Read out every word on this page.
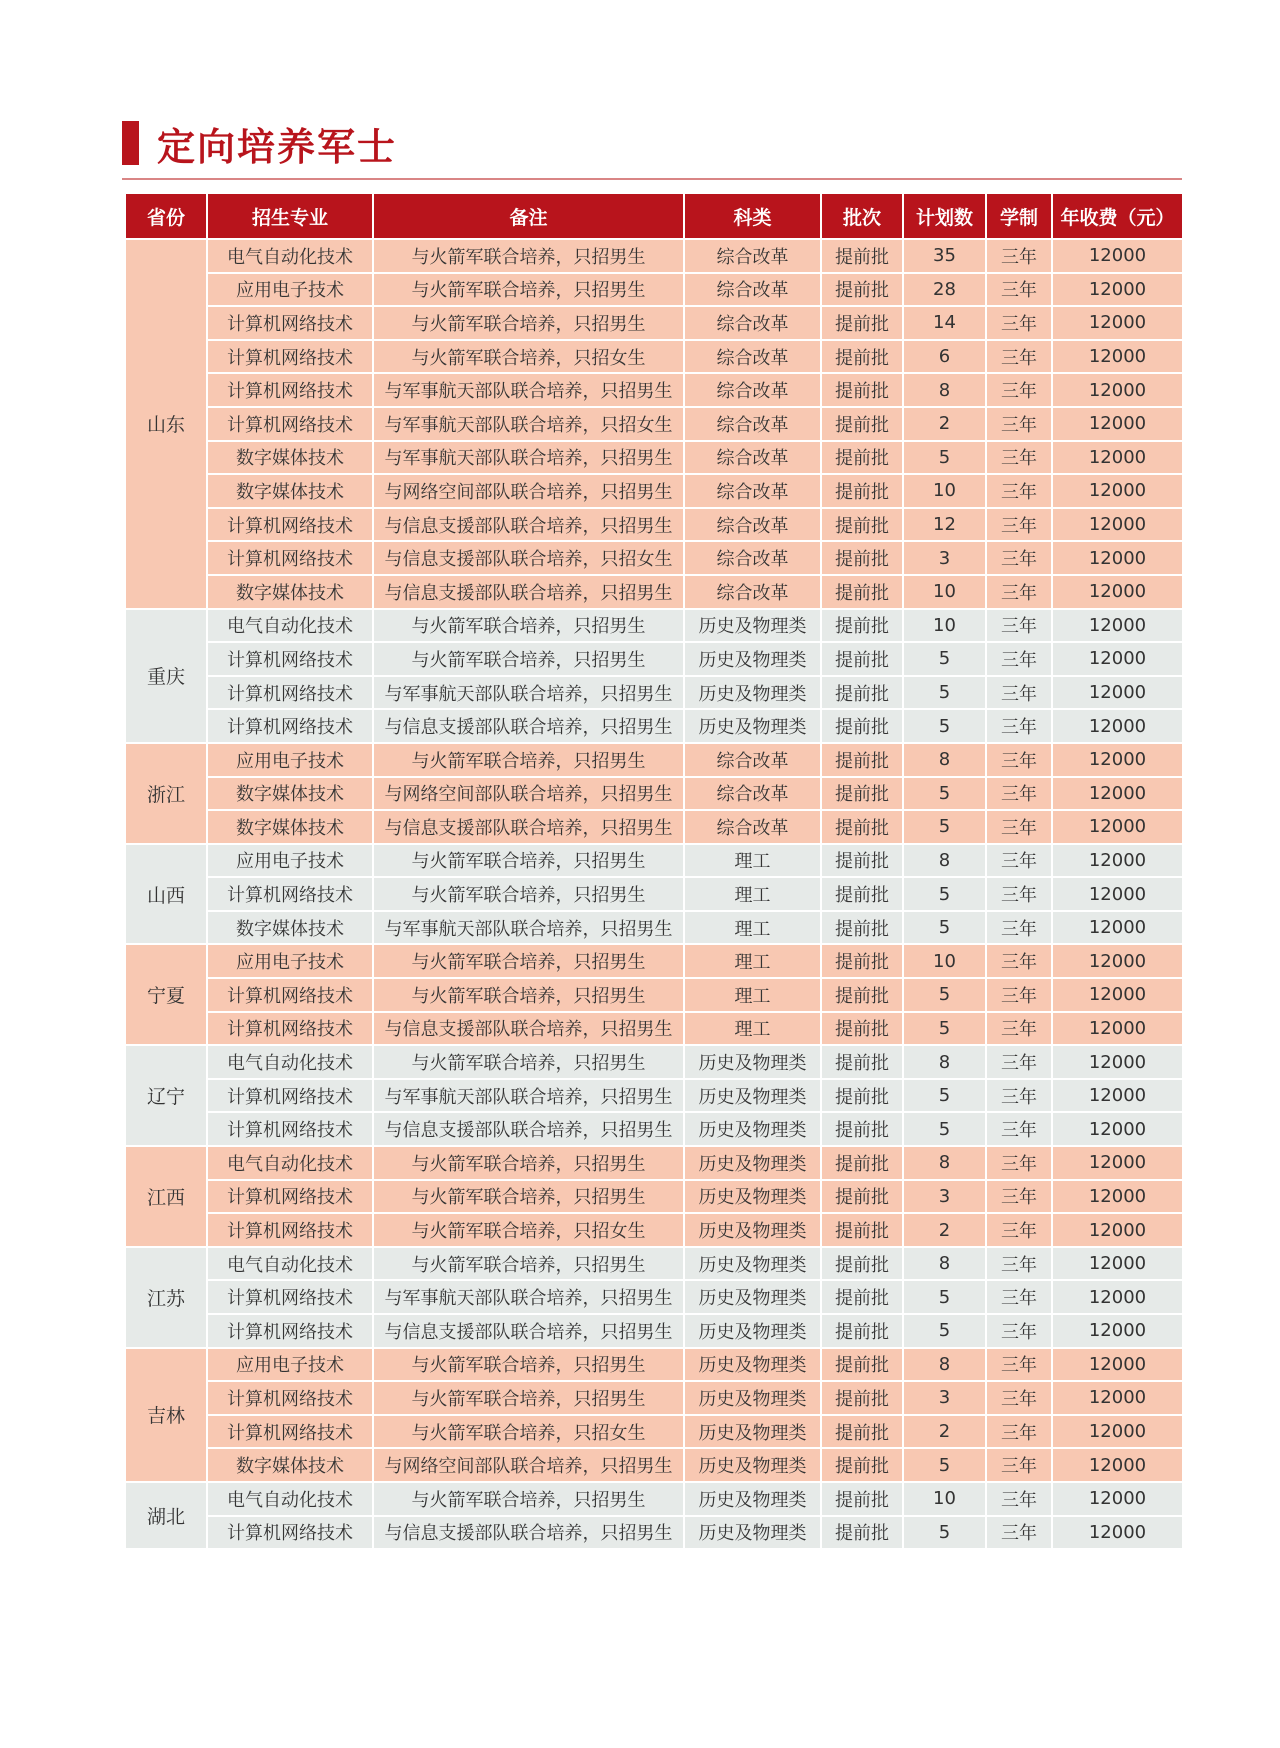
定向培养军士
省份	招生专业	备注	科类	批次	计划数	学制	年收费（元）
山东	电气自动化技术	与火箭军联合培养，只招男生	综合改革	提前批	35	三年	12000
	应用电子技术	与火箭军联合培养，只招男生	综合改革	提前批	28	三年	12000
	计算机网络技术	与火箭军联合培养，只招男生	综合改革	提前批	14	三年	12000
	计算机网络技术	与火箭军联合培养，只招女生	综合改革	提前批	6	三年	12000
	计算机网络技术	与军事航天部队联合培养，只招男生	综合改革	提前批	8	三年	12000
	计算机网络技术	与军事航天部队联合培养，只招女生	综合改革	提前批	2	三年	12000
	数字媒体技术	与军事航天部队联合培养，只招男生	综合改革	提前批	5	三年	12000
	数字媒体技术	与网络空间部队联合培养，只招男生	综合改革	提前批	10	三年	12000
	计算机网络技术	与信息支援部队联合培养，只招男生	综合改革	提前批	12	三年	12000
	计算机网络技术	与信息支援部队联合培养，只招女生	综合改革	提前批	3	三年	12000
	数字媒体技术	与信息支援部队联合培养，只招男生	综合改革	提前批	10	三年	12000
重庆	电气自动化技术	与火箭军联合培养，只招男生	历史及物理类	提前批	10	三年	12000
	计算机网络技术	与火箭军联合培养，只招男生	历史及物理类	提前批	5	三年	12000
	计算机网络技术	与军事航天部队联合培养，只招男生	历史及物理类	提前批	5	三年	12000
	计算机网络技术	与信息支援部队联合培养，只招男生	历史及物理类	提前批	5	三年	12000
浙江	应用电子技术	与火箭军联合培养，只招男生	综合改革	提前批	8	三年	12000
	数字媒体技术	与网络空间部队联合培养，只招男生	综合改革	提前批	5	三年	12000
	数字媒体技术	与信息支援部队联合培养，只招男生	综合改革	提前批	5	三年	12000
山西	应用电子技术	与火箭军联合培养，只招男生	理工	提前批	8	三年	12000
	计算机网络技术	与火箭军联合培养，只招男生	理工	提前批	5	三年	12000
	数字媒体技术	与军事航天部队联合培养，只招男生	理工	提前批	5	三年	12000
宁夏	应用电子技术	与火箭军联合培养，只招男生	理工	提前批	10	三年	12000
	计算机网络技术	与火箭军联合培养，只招男生	理工	提前批	5	三年	12000
	计算机网络技术	与信息支援部队联合培养，只招男生	理工	提前批	5	三年	12000
辽宁	电气自动化技术	与火箭军联合培养，只招男生	历史及物理类	提前批	8	三年	12000
	计算机网络技术	与军事航天部队联合培养，只招男生	历史及物理类	提前批	5	三年	12000
	计算机网络技术	与信息支援部队联合培养，只招男生	历史及物理类	提前批	5	三年	12000
江西	电气自动化技术	与火箭军联合培养，只招男生	历史及物理类	提前批	8	三年	12000
	计算机网络技术	与火箭军联合培养，只招男生	历史及物理类	提前批	3	三年	12000
	计算机网络技术	与火箭军联合培养，只招女生	历史及物理类	提前批	2	三年	12000
江苏	电气自动化技术	与火箭军联合培养，只招男生	历史及物理类	提前批	8	三年	12000
	计算机网络技术	与军事航天部队联合培养，只招男生	历史及物理类	提前批	5	三年	12000
	计算机网络技术	与信息支援部队联合培养，只招男生	历史及物理类	提前批	5	三年	12000
吉林	应用电子技术	与火箭军联合培养，只招男生	历史及物理类	提前批	8	三年	12000
	计算机网络技术	与火箭军联合培养，只招男生	历史及物理类	提前批	3	三年	12000
	计算机网络技术	与火箭军联合培养，只招女生	历史及物理类	提前批	2	三年	12000
	数字媒体技术	与网络空间部队联合培养，只招男生	历史及物理类	提前批	5	三年	12000
湖北	电气自动化技术	与火箭军联合培养，只招男生	历史及物理类	提前批	10	三年	12000
	计算机网络技术	与信息支援部队联合培养，只招男生	历史及物理类	提前批	5	三年	12000
